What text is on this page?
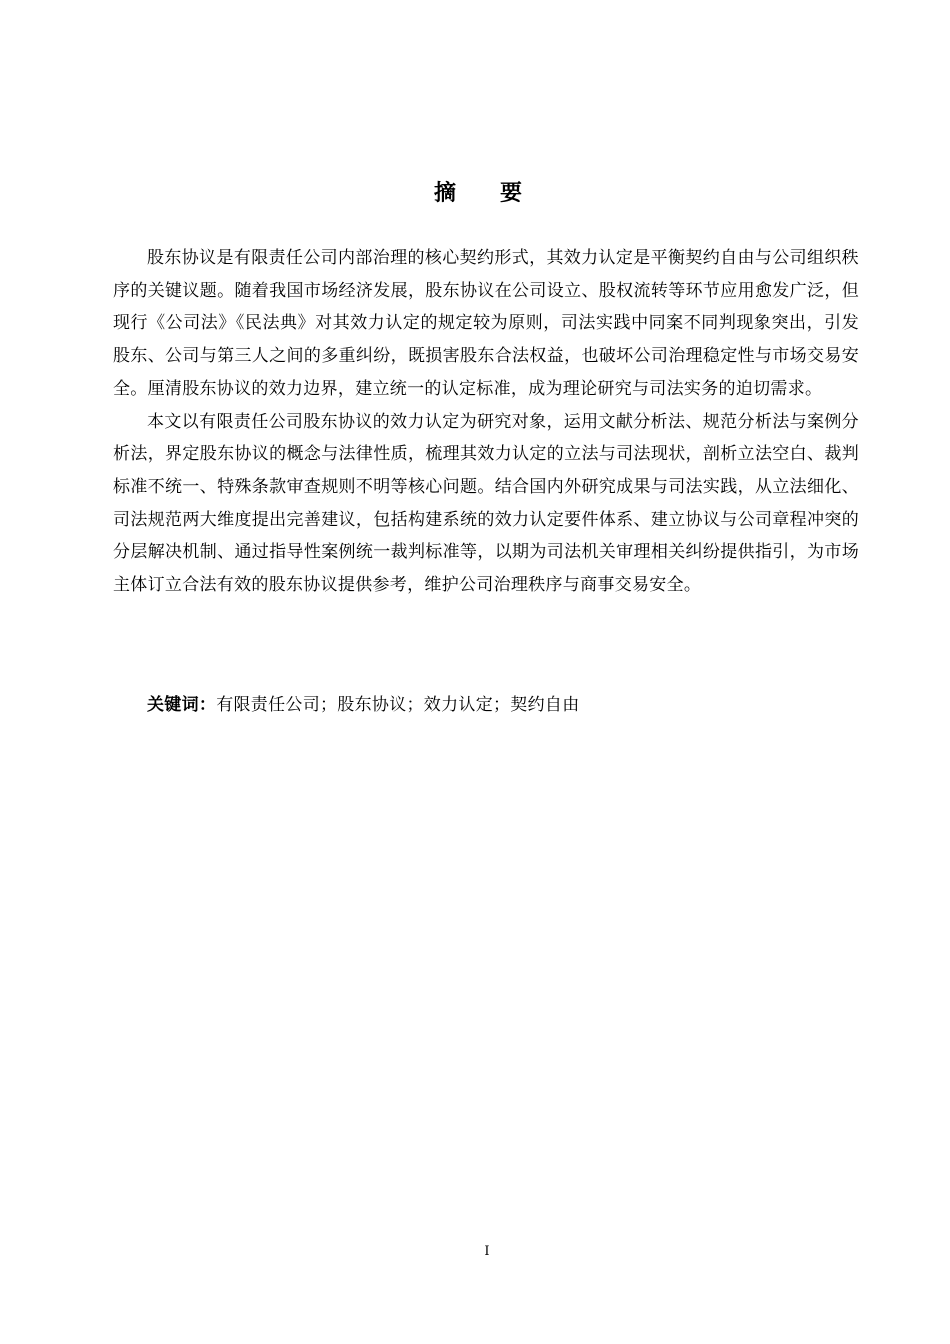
摘要

股东协议是有限责任公司内部治理的核心契约形式，其效力认定是平衡契约自由与公司组织秩序的关键议题。随着我国市场经济发展，股东协议在公司设立、股权流转等环节应用愈发广泛，但现行《公司法》《民法典》对其效力认定的规定较为原则，司法实践中同案不同判现象突出，引发股东、公司与第三人之间的多重纠纷，既损害股东合法权益，也破坏公司治理稳定性与市场交易安全。厘清股东协议的效力边界，建立统一的认定标准，成为理论研究与司法实务的迫切需求。

本文以有限责任公司股东协议的效力认定为研究对象，运用文献分析法、规范分析法与案例分析法，界定股东协议的概念与法律性质，梳理其效力认定的立法与司法现状，剖析立法空白、裁判标准不统一、特殊条款审查规则不明等核心问题。结合国内外研究成果与司法实践，从立法细化、司法规范两大维度提出完善建议，包括构建系统的效力认定要件体系、建立协议与公司章程冲突的分层解决机制、通过指导性案例统一裁判标准等，以期为司法机关审理相关纠纷提供指引，为市场主体订立合法有效的股东协议提供参考，维护公司治理秩序与商事交易安全。

关键词：有限责任公司；股东协议；效力认定；契约自由
I
